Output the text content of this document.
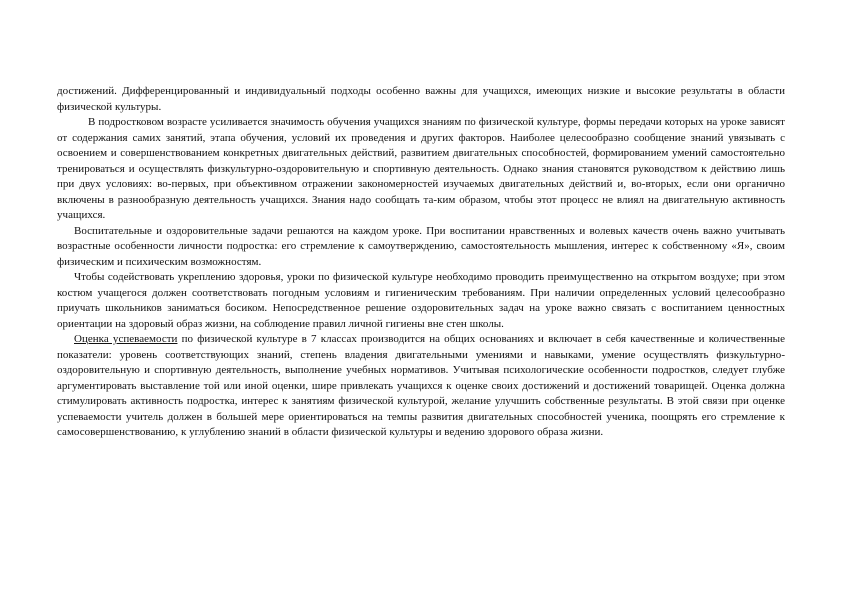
достижений. Дифференцированный и индивидуальный подходы особенно важны для учащихся, имеющих низкие и высокие результаты в области физической культуры.

В подростковом возрасте усиливается значимость обучения учащихся знаниям по физической культуре, формы передачи которых на уроке зависят от содержания самих занятий, этапа обучения, условий их проведения и других факторов. Наиболее целесообразно сообщение знаний увязывать с освоением и совершенствованием конкретных двигательных действий, развитием двигательных способностей, формированием умений самостоятельно тренироваться и осуществлять физкультурно-оздоровительную и спортивную деятельность. Однако знания становятся руководством к действию лишь при двух условиях: во-первых, при объективном отражении закономерностей изучаемых двигательных действий и, во-вторых, если они органично включены в разнообразную деятельность учащихся. Знания надо сообщать та-ким образом, чтобы этот процесс не влиял на двигательную активность учащихся.

Воспитательные и оздоровительные задачи решаются на каждом уроке. При воспитании нравственных и волевых качеств очень важно учитывать возрастные особенности личности подростка: его стремление к самоутверждению, самостоятельность мышления, интерес к собственному «Я», своим физическим и психическим возможностям.

Чтобы содействовать укреплению здоровья, уроки по физической культуре необходимо проводить преимущественно на открытом воздухе; при этом костюм учащегося должен соответствовать погодным условиям и гигиеническим требованиям. При наличии определенных условий целесообразно приучать школьников заниматься босиком. Непосредственное решение оздоровительных задач на уроке важно связать с воспитанием ценностных ориентации на здоровый образ жизни, на соблюдение правил личной гигиены вне стен школы.

Оценка успеваемости по физической культуре в 7 классах производится на общих основаниях и включает в себя качественные и количественные показатели: уровень соответствующих знаний, степень владения двигательными умениями и навыками, умение осуществлять физкультурно-оздоровительную и спортивную деятельность, выполнение учебных нормативов. Учитывая психологические особенности подростков, следует глубже аргументировать выставление той или иной оценки, шире привлекать учащихся к оценке своих достижений и достижений товарищей. Оценка должна стимулировать активность подростка, интерес к занятиям физической культурой, желание улучшить собственные результаты. В этой связи при оценке успеваемости учитель должен в большей мере ориентироваться на темпы развития двигательных способностей ученика, поощрять его стремление к самосовершенствованию, к углублению знаний в области физической культуры и ведению здорового образа жизни.
